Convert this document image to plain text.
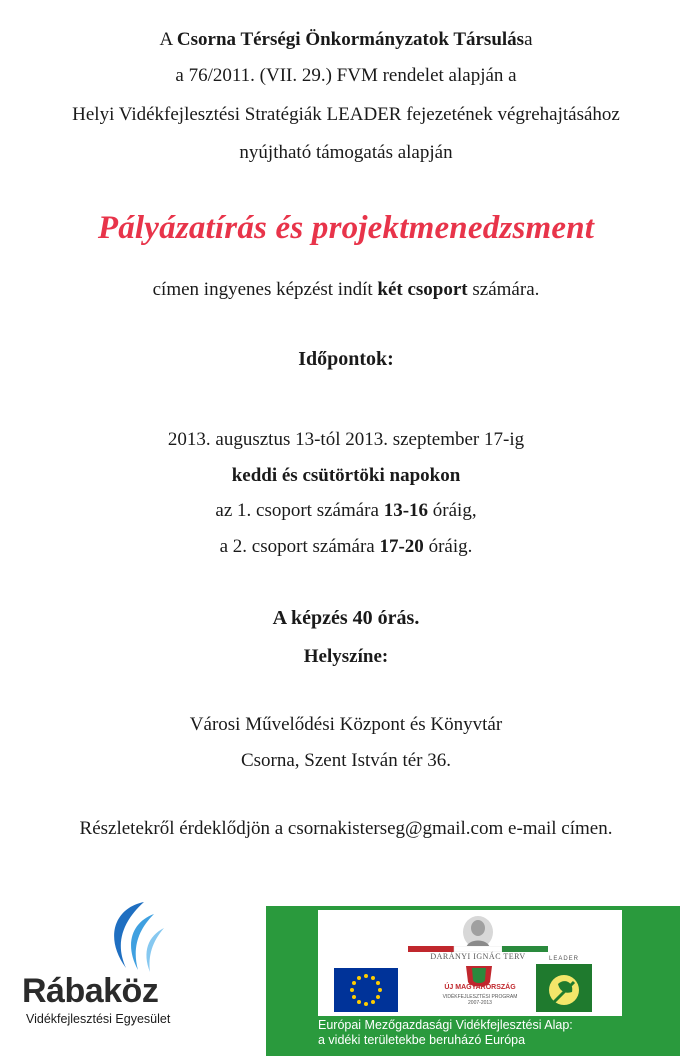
A Csorna Térségi Önkormányzatok Társulása
a 76/2011. (VII. 29.) FVM rendelet alapján a
Helyi Vidékfejlesztési Stratégiák LEADER fejezetének végrehajtásához
nyújtható támogatás alapján
Pályázatírás és projektmenedzsment
címen ingyenes képzést indít két csoport számára.
Időpontok:
2013. augusztus 13-tól 2013. szeptember 17-ig
keddi és csütörtöki napokon
az 1. csoport számára 13-16 óráig,
a 2. csoport számára 17-20 óráig.
A képzés 40 órás.
Helyszíne:
Városi Művelődési Központ és Könyvtár
Csorna, Szent István tér 36.
Részletekről érdeklődjön a csornakisterseg@gmail.com e-mail címen.
Rábaköz
Vidékfejlesztési Egyesület
DARÁNYI IGNÁC TERV
ÚJ MAGYARORSZÁG
VIDÉKFEJLESZTÉSI PROGRAM
2007-2013
LEADER
Európai Mezőgazdasági Vidékfejlesztési Alap:
a vidéki területekbe beruházó Európa
